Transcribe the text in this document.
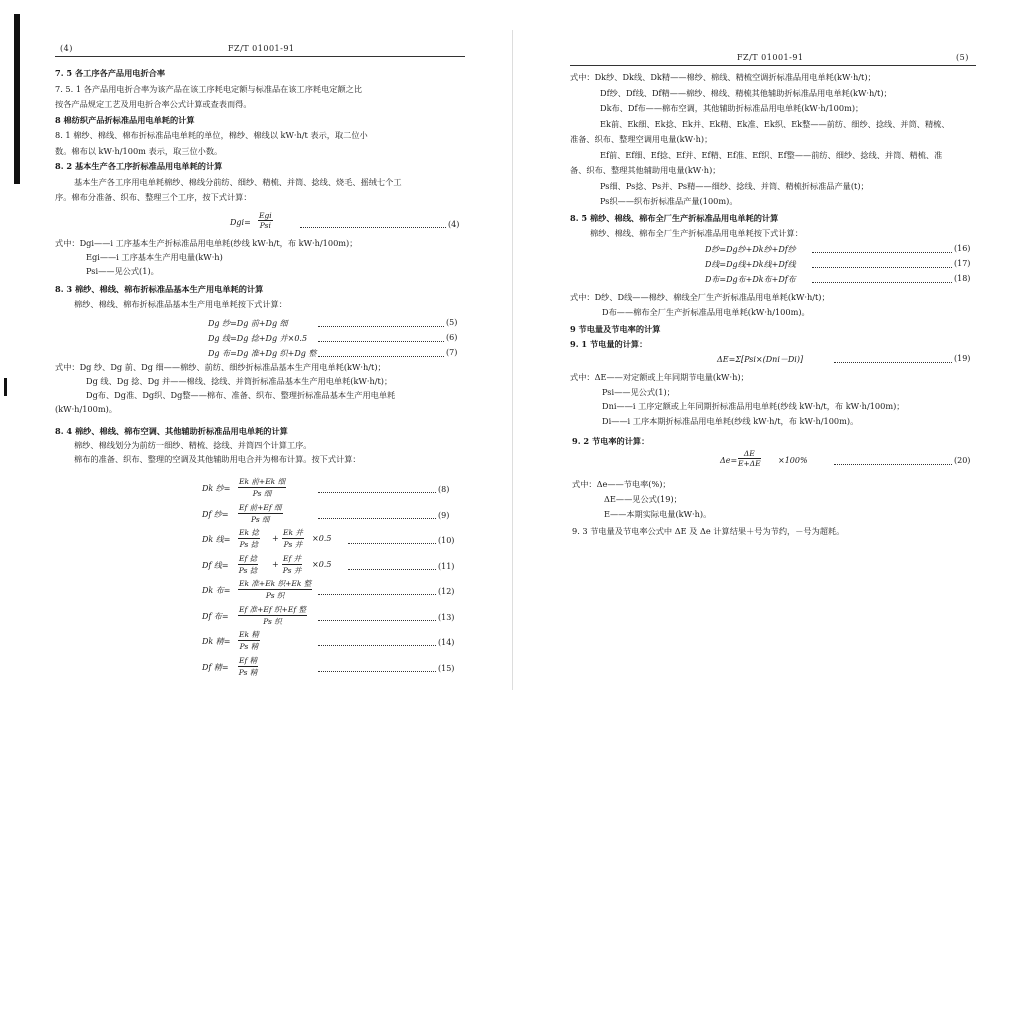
(4)	FZ/T 01001-91
Dgi=
Egi
Psi	(4)
7. 5 各工序各产品用电折合率
7. 5. 1 各产品用电折合率为该产品在该工序耗电定额与标准品在该工序耗电定额之比
按各产品规定工艺及用电折合率公式计算或查表而得。
8 棉纺织产品折标准品用电单耗的计算
8. 1 棉纱、棉线、棉布折标准品电单耗的单位，棉纱、棉线以 kW·h/t 表示，取二位小
数。棉布以 kW·h/100m 表示，取三位小数。
8. 2 基本生产各工序折标准品用电单耗的计算
基本生产各工序用电单耗棉纱、棉线分前纺、细纱、精梳、并筒、捻线、烧毛、摇绒七个工
序。棉布分准备、织布、整理三个工序，按下式计算：
式中：Dgi——i 工序基本生产折标准品用电单耗(纱线 kW·h/t，布 kW·h/100m)；
Egi——i 工序基本生产用电量(kW·h)
Psi——见公式(1)。
8. 3 棉纱、棉线、棉布折标准品基本生产用电单耗的计算
棉纱、棉线、棉布折标准品基本生产用电单耗按下式计算：
Dg 纱=Dg 前+Dg 细	(5)
Dg 线=Dg 捻+Dg 并×0.5	(6)
Dg 布=Dg 准+Dg 织+Dg 整	(7)
式中：Dg 纱、Dg 前、Dg 细——棉纱、前纺、细纱折标准品基本生产用电单耗(kW·h/t)；
Dg 线、Dg 捻、Dg 并——棉线、捻线、并筒折标准品基本生产用电单耗(kW·h/t)；
Dg布、Dg准、Dg织、Dg整——棉布、准备、织布、整理折标准品基本生产用电单耗
(kW·h/100m)。
8. 4 棉纱、棉线、棉布空调、其他辅助折标准品用电单耗的计算
棉纱、棉线划分为前纺一细纱、精梳、捻线、并筒四个计算工序。
棉布的准备、织布、整理的空调及其他辅助用电合并为棉布计算。按下式计算：
Dk 纱=
Ek 前+Ek 细
Ps 细	(8)
Df 纱=
Ef 前+Ef 细
Ps 细	(9)
Dk 线=
Ek 捻
Ps 捻
+
Ek 并
Ps 并
×0.5	(10)
Df 线=
Ef 捻
Ps 捻
+
Ef 并
Ps 并
×0.5	(11)
Dk 布=
Ek 准+Ek 织+Ek 整
Ps 织	(12)
Df 布=
Ef 准+Ef 织+Ef 整
Ps 织	(13)
Dk 精=
Ek 精
Ps 精	(14)
Df 精=
Ef 精
Ps 精	(15)
FZ/T 01001-91	(5)
ΔE=Σ[Psi×(Dni－Di)]	(19)
9. 2 节电率的计算：
$\Delta e= \frac{\Delta E}{E+\Delta E} \times 100\%$	(20)
9. 3 节电量及节电率公式中 ΔE 及 Δe 计算结果＋号为节约，－号为超耗。
式中：Dk纱、Dk线、Dk精——棉纱、棉线、精梳空调折标准品用电单耗(kW·h/t)；
Df纱、Df线、Df精——棉纱、棉线、精梳其他辅助折标准品用电单耗(kW·h/t)；
Dk布、Df布——棉布空调，其他辅助折标准品用电单耗(kW·h/100m)；
Ek前、Ek细、Ek捻、Ek并、Ek精、Ek准、Ek织、Ek整——前纺、细纱、捻线、并筒、精梳、
准备、织布、整理空调用电量(kW·h)；
Ef前、Ef细、Ef捻、Ef并、Ef精、Ef准、Ef织、Ef整——前纺、细纱、捻线、并筒、精梳、准
备、织布、整理其他辅助用电量(kW·h)；
Ps细、Ps捻、Ps并、Ps精——细纱、捻线、并筒、精梳折标准品产量(t)；
Ps织——织布折标准品产量(100m)。
8. 5 棉纱、棉线、棉布全厂生产折标准品用电单耗的计算
棉纱、棉线、棉布全厂生产折标准品用电单耗按下式计算：
D纱=Dg纱+Dk纱+Df纱	(16)
D线=Dg线+Dk线+Df线	(17)
D布=Dg布+Dk布+Df布	(18)
式中：D纱、D线——棉纱、棉线全厂生产折标准品用电单耗(kW·h/t)；
D布——棉布全厂生产折标准品用电单耗(kW·h/100m)。
9 节电量及节电率的计算
9. 1 节电量的计算：
式中：ΔE——对定额或上年同期节电量(kW·h)；
Psi——见公式(1)；
Dni——i 工序定额或上年同期折标准品用电单耗(纱线 kW·h/t，布 kW·h/100m)；
Di——i 工序本期折标准品用电单耗(纱线 kW·h/t，布 kW·h/100m)。
式中：Δe——节电率(%)；
ΔE——见公式(19)；
E——本期实际电量(kW·h)。
